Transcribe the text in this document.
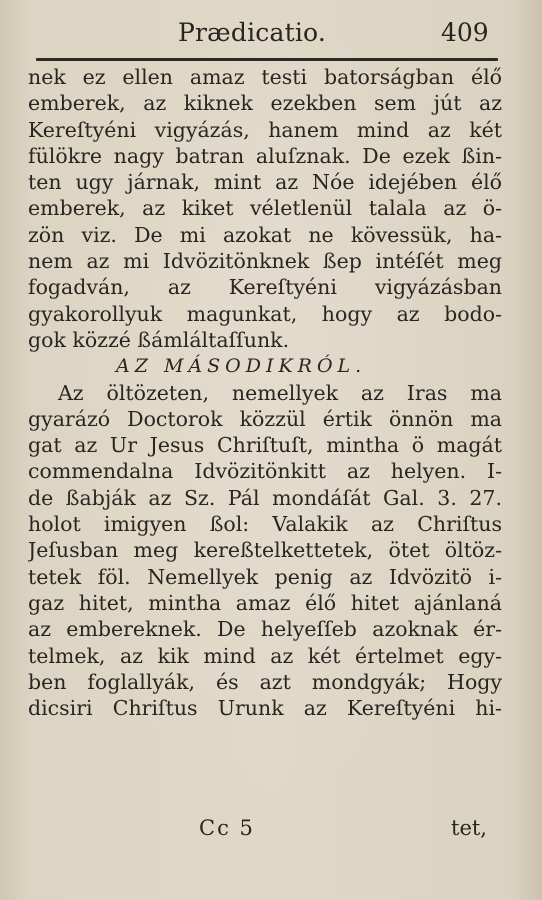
Prædicatio.	409
nek ez ellen amaz testi batorságban élő
emberek, az kiknek ezekben sem jút az
Kereſtyéni vigyázás, hanem mind az két
fülökre nagy batran aluſznak. De ezek ßin-
ten ugy járnak, mint az Nóe idejében élő
emberek, az kiket véletlenül talala az ö-
zön viz. De mi azokat ne kövessük, ha-
nem az mi Idvözitönknek ßep intéſét meg
fogadván, az Kereſtyéni vigyázásban
gyakorollyuk magunkat, hogy az bodo-
gok közzé ßámláltaſſunk.
AZ MÁSODIKRÓL.
Az öltözeten, nemellyek az Iras ma
gyarázó Doctorok közzül értik önnön ma
gat az Ur Jesus Chriſtuſt, mintha ö magát
commendalna Idvözitönkitt az helyen. I-
de ßabják az Sz. Pál mondáſát Gal. 3. 27.
holot imigyen ßol: Valakik az Chriſtus
Jeſusban meg kereßtelkettetek, ötet öltöz-
tetek föl. Nemellyek penig az Idvözitö i-
gaz hitet, mintha amaz élő hitet ajánlaná
az embereknek. De helyeſſeb azoknak ér-
telmek, az kik mind az két értelmet egy-
ben foglallyák, és azt mondgyák; Hogy
dicsiri Chriſtus Urunk az Kereſtyéni hi-
Cc 5	tet,
